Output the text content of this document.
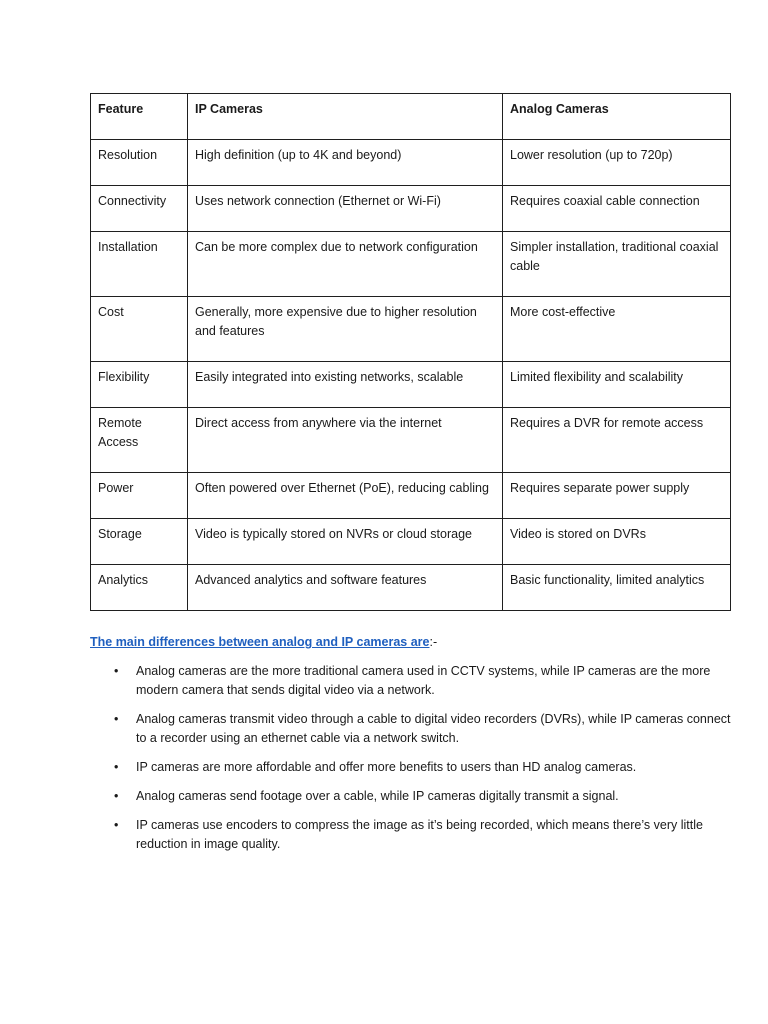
Feature	IP Cameras	Analog Cameras
Resolution	High definition (up to 4K and beyond)	Lower resolution (up to 720p)
Connectivity	Uses network connection (Ethernet or Wi-Fi)	Requires coaxial cable connection
Installation	Can be more complex due to network configuration	Simpler installation, traditional coaxial cable
Cost	Generally, more expensive due to higher resolution and features	More cost-effective
Flexibility	Easily integrated into existing networks, scalable	Limited flexibility and scalability
Remote Access	Direct access from anywhere via the internet	Requires a DVR for remote access
Power	Often powered over Ethernet (PoE), reducing cabling	Requires separate power supply
Storage	Video is typically stored on NVRs or cloud storage	Video is stored on DVRs
Analytics	Advanced analytics and software features	Basic functionality, limited analytics
The main differences between analog and IP cameras are:-
• Analog cameras are the more traditional camera used in CCTV systems, while IP cameras are the more modern camera that sends digital video via a network.
• Analog cameras transmit video through a cable to digital video recorders (DVRs), while IP cameras connect to a recorder using an ethernet cable via a network switch.
• IP cameras are more affordable and offer more benefits to users than HD analog cameras.
• Analog cameras send footage over a cable, while IP cameras digitally transmit a signal.
• IP cameras use encoders to compress the image as it’s being recorded, which means there’s very little reduction in image quality.
